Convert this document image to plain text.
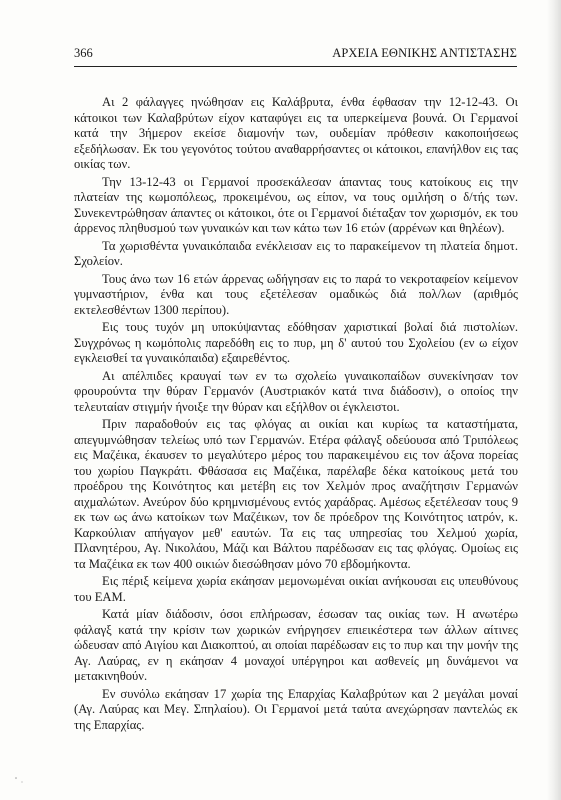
366	ΑΡΧΕΙΑ ΕΘΝΙΚΗΣ ΑΝΤΙΣΤΑΣΗΣ

Αι 2 φάλαγγες ηνώθησαν εις Καλάβρυτα, ένθα έφθασαν την 12-12-43. Οι κάτοικοι των Καλαβρύτων είχον καταφύγει εις τα υπερκείμενα βουνά. Οι Γερμανοί κατά την 3ήμερον εκείσε διαμονήν των, ουδεμίαν πρόθεσιν κακοποιήσεως εξεδήλωσαν. Εκ του γεγονότος τούτου αναθαρρήσαντες οι κάτοικοι, επανήλθον εις τας οικίας των.

Την 13-12-43 οι Γερμανοί προσεκάλεσαν άπαντας τους κατοίκους εις την πλατείαν της κωμοπόλεως, προκειμένου, ως είπον, να τους ομιλήση ο δ/τής των. Συνεκεντρώθησαν άπαντες οι κάτοικοι, ότε οι Γερμανοί διέταξαν τον χωρισμόν, εκ του άρρενος πληθυσμού των γυναικών και των κάτω των 16 ετών (αρρένων και θηλέων).

Τα χωρισθέντα γυναικόπαιδα ενέκλεισαν εις το παρακείμενον τη πλατεία δημοτ. Σχολείον.

Τους άνω των 16 ετών άρρενας ωδήγησαν εις το παρά το νεκροταφείον κείμενον γυμναστήριον, ένθα και τους εξετέλεσαν ομαδικώς διά πολ/λων (αριθμός εκτελεσθέντων 1300 περίπου).

Εις τους τυχόν μη υποκύψαντας εδόθησαν χαριστικαί βολαί διά πιστολίων. Συγχρόνως η κωμόπολις παρεδόθη εις το πυρ, μη δ' αυτού του Σχολείου (εν ω είχον εγκλεισθεί τα γυναικόπαιδα) εξαιρεθέντος.

Αι απέλπιδες κραυγαί των εν τω σχολείω γυναικοπαίδων συνεκίνησαν τον φρουρούντα την θύραν Γερμανόν (Αυστριακόν κατά τινα διάδοσιν), ο οποίος την τελευταίαν στιγμήν ήνοιξε την θύραν και εξήλθον οι έγκλειστοι.

Πριν παραδοθούν εις τας φλόγας αι οικίαι και κυρίως τα καταστήματα, απεγυμνώθησαν τελείως υπό των Γερμανών. Ετέρα φάλαγξ οδεύουσα από Τριπόλεως εις Μαζέικα, έκαυσεν το μεγαλύτερο μέρος του παρακειμένου εις τον άξονα πορείας του χωρίου Παγκράτι. Φθάσασα εις Μαζέικα, παρέλαβε δέκα κατοίκους μετά του προέδρου της Κοινότητος και μετέβη εις τον Χελμόν προς αναζήτησιν Γερμανών αιχμαλώτων. Ανεύρον δύο κρημνισμένους εντός χαράδρας. Αμέσως εξετέλεσαν τους 9 εκ των ως άνω κατοίκων των Μαζέικων, τον δε πρόεδρον της Κοινότητος ιατρόν, κ. Καρκούλιαν απήγαγον μεθ' εαυτών. Τα εις τας υπηρεσίας του Χελμού χωρία, Πλανητέρου, Αγ. Νικολάου, Μάζι και Βάλτου παρέδωσαν εις τας φλόγας. Ομοίως εις τα Μαζέικα εκ των 400 οικιών διεσώθησαν μόνο 70 εβδομήκοντα.

Εις πέριξ κείμενα χωρία εκάησαν μεμονωμέναι οικίαι ανήκουσαι εις υπευθύνους του ΕΑΜ.

Κατά μίαν διάδοσιν, όσοι επλήρωσαν, έσωσαν τας οικίας των. Η ανωτέρω φάλαγξ κατά την κρίσιν των χωρικών ενήργησεν επιεικέστερα των άλλων αίτινες ώδευσαν από Αιγίου και Διακοπτού, αι οποίαι παρέδωσαν εις το πυρ και την μονήν της Αγ. Λαύρας, εν η εκάησαν 4 μοναχοί υπέργηροι και ασθενείς μη δυνάμενοι να μετακινηθούν.

Εν συνόλω εκάησαν 17 χωρία της Επαρχίας Καλαβρύτων και 2 μεγάλαι μοναί (Αγ. Λαύρας και Μεγ. Σπηλαίου). Οι Γερμανοί μετά ταύτα ανεχώρησαν παντελώς εκ της Επαρχίας.
